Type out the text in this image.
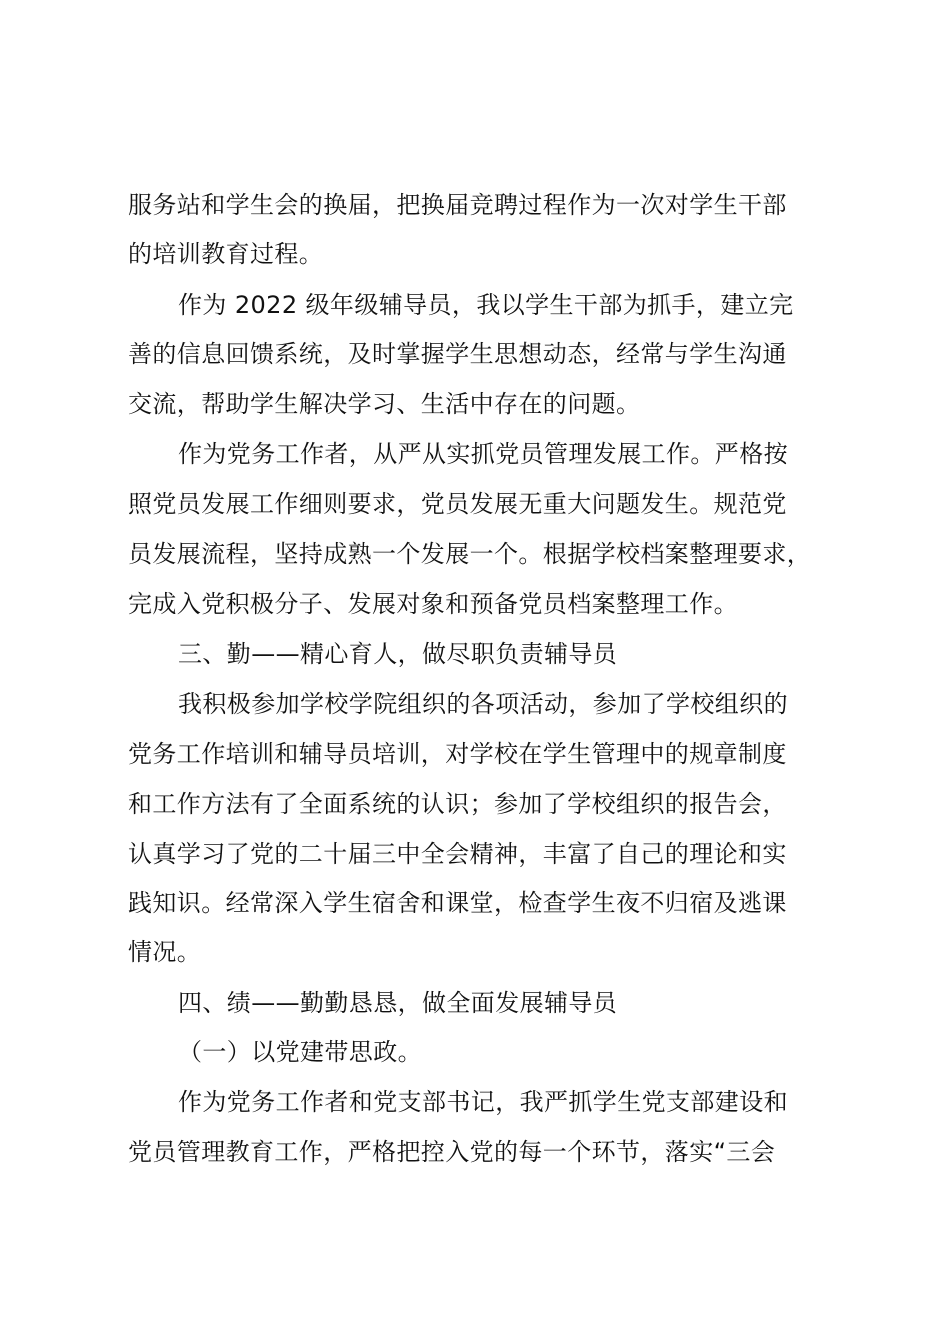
服务站和学生会的换届，把换届竞聘过程作为一次对学生干部
的培训教育过程。
作为 2022 级年级辅导员，我以学生干部为抓手，建立完
善的信息回馈系统，及时掌握学生思想动态，经常与学生沟通
交流，帮助学生解决学习、生活中存在的问题。
作为党务工作者，从严从实抓党员管理发展工作。严格按
照党员发展工作细则要求，党员发展无重大问题发生。规范党
员发展流程，坚持成熟一个发展一个。根据学校档案整理要求，
完成入党积极分子、发展对象和预备党员档案整理工作。
三、勤——精心育人，做尽职负责辅导员
我积极参加学校学院组织的各项活动，参加了学校组织的
党务工作培训和辅导员培训，对学校在学生管理中的规章制度
和工作方法有了全面系统的认识；参加了学校组织的报告会，
认真学习了党的二十届三中全会精神，丰富了自己的理论和实
践知识。经常深入学生宿舍和课堂，检查学生夜不归宿及逃课
情况。
四、绩——勤勤恳恳，做全面发展辅导员
（一）以党建带思政。
作为党务工作者和党支部书记，我严抓学生党支部建设和
党员管理教育工作，严格把控入党的每一个环节，落实“三会
